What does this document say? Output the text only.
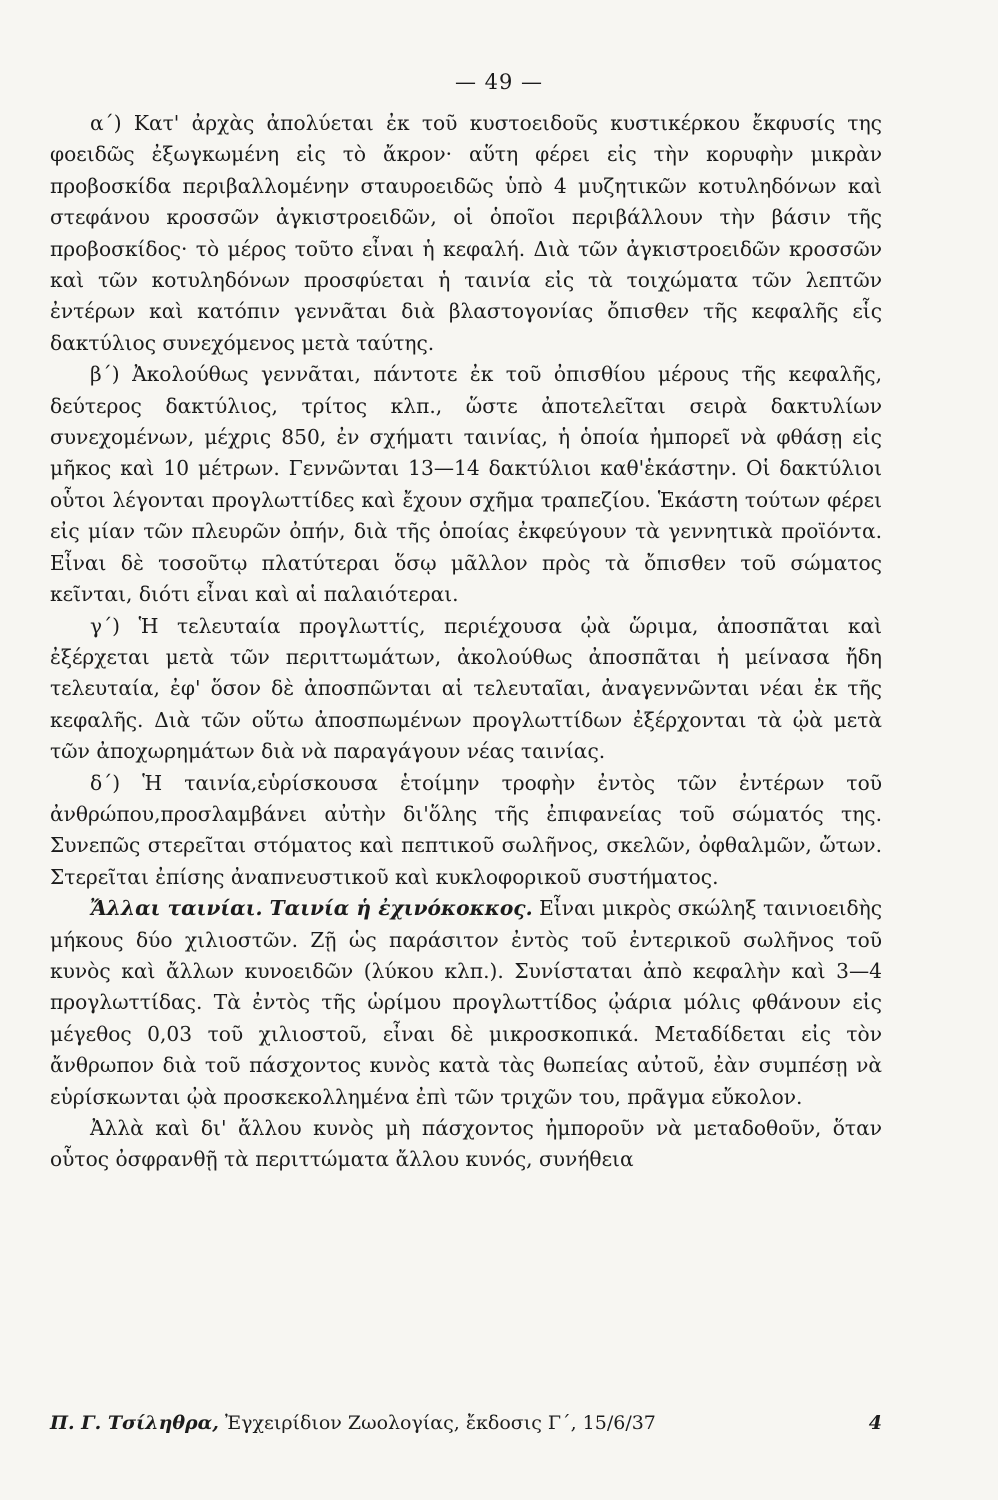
— 49 —

α΄) Κατ' ἀρχὰς ἀπολύεται ἐκ τοῦ κυστοειδοῦς κυστικέρκου ἔκφυσίς της φοειδῶς ἐξωγκωμένη εἰς τὸ ἄκρον· αὕτη φέρει εἰς τὴν κορυφὴν μικρὰν προβοσκίδα περιβαλλομένην σταυροειδῶς ὑπὸ 4 μυζητικῶν κοτυληδόνων καὶ στεφάνου κροσσῶν ἀγκιστροειδῶν, οἱ ὁποῖοι περιβάλλουν τὴν βάσιν τῆς προβοσκίδος· τὸ μέρος τοῦτο εἶναι ἡ κεφαλή. Διὰ τῶν ἀγκιστροειδῶν κροσσῶν καὶ τῶν κοτυληδόνων προσφύεται ἡ ταινία εἰς τὰ τοιχώματα τῶν λεπτῶν ἐντέρων καὶ κατόπιν γεννᾶται διὰ βλαστογονίας ὄπισθεν τῆς κεφαλῆς εἷς δακτύλιος συνεχόμενος μετὰ ταύτης.

β΄) Ἀκολούθως γεννᾶται, πάντοτε ἐκ τοῦ ὀπισθίου μέρους τῆς κεφαλῆς, δεύτερος δακτύλιος, τρίτος κλπ., ὥστε ἀποτελεῖται σειρὰ δακτυλίων συνεχομένων, μέχρις 850, ἐν σχήματι ταινίας, ἡ ὁποία ἠμπορεῖ νὰ φθάσῃ εἰς μῆκος καὶ 10 μέτρων. Γεννῶνται 13—14 δακτύλιοι καθ'ἑκάστην. Οἱ δακτύλιοι οὗτοι λέγονται προγλωττίδες καὶ ἔχουν σχῆμα τραπεζίου. Ἑκάστη τούτων φέρει εἰς μίαν τῶν πλευρῶν ὀπήν, διὰ τῆς ὁποίας ἐκφεύγουν τὰ γεννητικὰ προϊόντα. Εἶναι δὲ τοσοῦτῳ πλατύτεραι ὅσῳ μᾶλλον πρὸς τὰ ὄπισθεν τοῦ σώματος κεῖνται, διότι εἶναι καὶ αἱ παλαιότεραι.

γ΄) Ἡ τελευταία προγλωττίς, περιέχουσα ᾠὰ ὥριμα, ἀποσπᾶται καὶ ἐξέρχεται μετὰ τῶν περιττωμάτων, ἀκολούθως ἀποσπᾶται ἡ μείνασα ἤδη τελευταία, ἐφ' ὅσον δὲ ἀποσπῶνται αἱ τελευταῖαι, ἀναγεννῶνται νέαι ἐκ τῆς κεφαλῆς. Διὰ τῶν οὕτω ἀποσπωμένων προγλωττίδων ἐξέρχονται τὰ ᾠὰ μετὰ τῶν ἀποχωρημάτων διὰ νὰ παραγάγουν νέας ταινίας.

δ΄) Ἡ ταινία,εὑρίσκουσα ἑτοίμην τροφὴν ἐντὸς τῶν ἐντέρων τοῦ ἀνθρώπου,προσλαμβάνει αὐτὴν δι'ὅλης τῆς ἐπιφανείας τοῦ σώματός της. Συνεπῶς στερεῖται στόματος καὶ πεπτικοῦ σωλῆνος, σκελῶν, ὀφθαλμῶν, ὤτων. Στερεῖται ἐπίσης ἀναπνευστικοῦ καὶ κυκλοφορικοῦ συστήματος.

Ἄλλαι ταινίαι. Ταινία ἡ ἐχινόκοκκος. Εἶναι μικρὸς σκώληξ ταινιοειδὴς μήκους δύο χιλιοστῶν. Ζῇ ὡς παράσιτον ἐντὸς τοῦ ἐντερικοῦ σωλῆνος τοῦ κυνὸς καὶ ἄλλων κυνοειδῶν (λύκου κλπ.). Συνίσταται ἀπὸ κεφαλὴν καὶ 3—4 προγλωττίδας. Τὰ ἐντὸς τῆς ὡρίμου προγλωττίδος ᾠάρια μόλις φθάνουν εἰς μέγεθος 0,03 τοῦ χιλιοστοῦ, εἶναι δὲ μικροσκοπικά. Μεταδίδεται εἰς τὸν ἄνθρωπον διὰ τοῦ πάσχοντος κυνὸς κατὰ τὰς θωπείας αὐτοῦ, ἐὰν συμπέσῃ νὰ εὑρίσκωνται ᾠὰ προσκεκολλημένα ἐπὶ τῶν τριχῶν του, πρᾶγμα εὔκολον.

Ἀλλὰ καὶ δι' ἄλλου κυνὸς μὴ πάσχοντος ἠμποροῦν νὰ μεταδοθοῦν, ὅταν οὗτος ὀσφρανθῇ τὰ περιττώματα ἄλλου κυνός, συνήθεια

Π. Γ. Τσίληθρα, Ἐγχειρίδιον Ζωολογίας, ἔκδοσις Γ΄, 15/6/37	4
